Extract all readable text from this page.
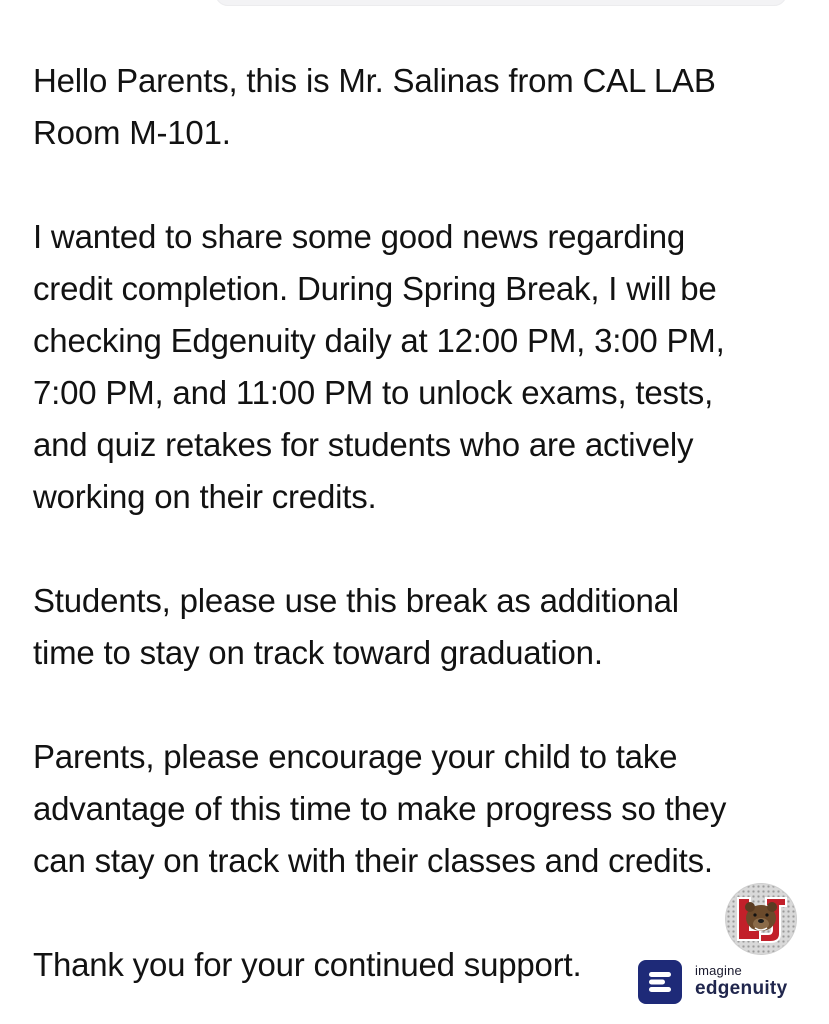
Hello Parents, this is Mr. Salinas from CAL LAB
Room M-101.

I wanted to share some good news regarding
credit completion. During Spring Break, I will be
checking Edgenuity daily at 12:00 PM, 3:00 PM,
7:00 PM, and 11:00 PM to unlock exams, tests,
and quiz retakes for students who are actively
working on their credits.

Students, please use this break as additional
time to stay on track toward graduation.

Parents, please encourage your child to take
advantage of this time to make progress so they
can stay on track with their classes and credits.

Thank you for your continued support.	imagine
edgenuity
